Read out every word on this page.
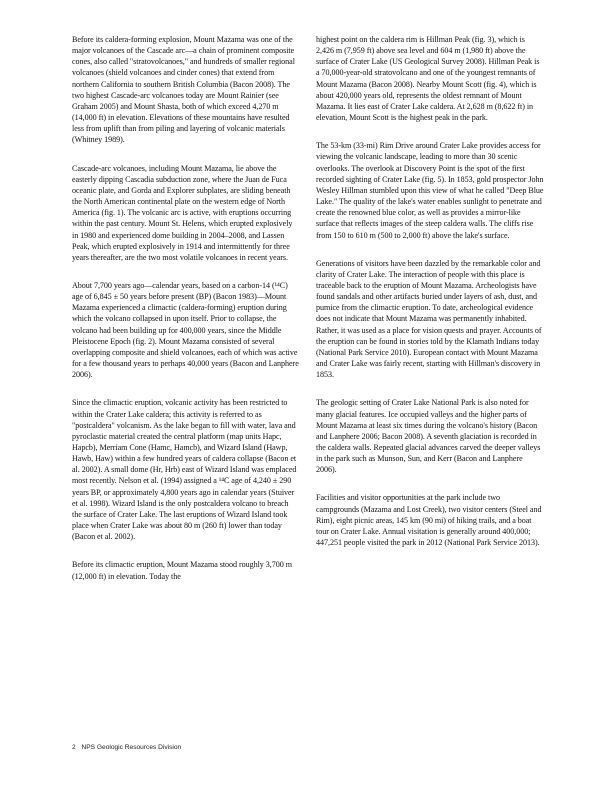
Before its caldera-forming explosion, Mount Mazama was one of the major volcanoes of the Cascade arc—a chain of prominent composite cones, also called "stratovolcanoes," and hundreds of smaller regional volcanoes (shield volcanoes and cinder cones) that extend from northern California to southern British Columbia (Bacon 2008). The two highest Cascade-arc volcanoes today are Mount Rainier (see Graham 2005) and Mount Shasta, both of which exceed 4,270 m (14,000 ft) in elevation. Elevations of these mountains have resulted less from uplift than from piling and layering of volcanic materials (Whitney 1989).

Cascade-arc volcanoes, including Mount Mazama, lie above the easterly dipping Cascadia subduction zone, where the Juan de Fuca oceanic plate, and Gorda and Explorer subplates, are sliding beneath the North American continental plate on the western edge of North America (fig. 1). The volcanic arc is active, with eruptions occurring within the past century. Mount St. Helens, which erupted explosively in 1980 and experienced dome building in 2004–2008, and Lassen Peak, which erupted explosively in 1914 and intermittently for three years thereafter, are the two most volatile volcanoes in recent years.

About 7,700 years ago—calendar years, based on a carbon-14 (¹⁴C) age of 6,845 ± 50 years before present (BP) (Bacon 1983)—Mount Mazama experienced a climactic (caldera-forming) eruption during which the volcano collapsed in upon itself. Prior to collapse, the volcano had been building up for 400,000 years, since the Middle Pleistocene Epoch (fig. 2). Mount Mazama consisted of several overlapping composite and shield volcanoes, each of which was active for a few thousand years to perhaps 40,000 years (Bacon and Lanphere 2006).

Since the climactic eruption, volcanic activity has been restricted to within the Crater Lake caldera; this activity is referred to as "postcaldera" volcanism. As the lake began to fill with water, lava and pyroclastic material created the central platform (map units Hapc, Hapcb), Merriam Cone (Hamc, Hamcb), and Wizard Island (Hawp, Hawb, Haw) within a few hundred years of caldera collapse (Bacon et al. 2002). A small dome (Hr, Hrb) east of Wizard Island was emplaced most recently. Nelson et al. (1994) assigned a ¹⁴C age of 4,240 ± 290 years BP, or approximately 4,800 years ago in calendar years (Stuiver et al. 1998). Wizard Island is the only postcaldera volcano to breach the surface of Crater Lake. The last eruptions of Wizard Island took place when Crater Lake was about 80 m (260 ft) lower than today (Bacon et al. 2002).

Before its climactic eruption, Mount Mazama stood roughly 3,700 m (12,000 ft) in elevation. Today the

highest point on the caldera rim is Hillman Peak (fig. 3), which is 2,426 m (7,959 ft) above sea level and 604 m (1,980 ft) above the surface of Crater Lake (US Geological Survey 2008). Hillman Peak is a 70,000-year-old stratovolcano and one of the youngest remnants of Mount Mazama (Bacon 2008). Nearby Mount Scott (fig. 4), which is about 420,000 years old, represents the oldest remnant of Mount Mazama. It lies east of Crater Lake caldera. At 2,628 m (8,622 ft) in elevation, Mount Scott is the highest peak in the park.

The 53-km (33-mi) Rim Drive around Crater Lake provides access for viewing the volcanic landscape, leading to more than 30 scenic overlooks. The overlook at Discovery Point is the spot of the first recorded sighting of Crater Lake (fig. 5). In 1853, gold prospector John Wesley Hillman stumbled upon this view of what he called "Deep Blue Lake." The quality of the lake's water enables sunlight to penetrate and create the renowned blue color, as well as provides a mirror-like surface that reflects images of the steep caldera walls. The cliffs rise from 150 to 610 m (500 to 2,000 ft) above the lake's surface.

Generations of visitors have been dazzled by the remarkable color and clarity of Crater Lake. The interaction of people with this place is traceable back to the eruption of Mount Mazama. Archeologists have found sandals and other artifacts buried under layers of ash, dust, and pumice from the climactic eruption. To date, archeological evidence does not indicate that Mount Mazama was permanently inhabited. Rather, it was used as a place for vision quests and prayer. Accounts of the eruption can be found in stories told by the Klamath Indians today (National Park Service 2010). European contact with Mount Mazama and Crater Lake was fairly recent, starting with Hillman's discovery in 1853.

The geologic setting of Crater Lake National Park is also noted for many glacial features. Ice occupied valleys and the higher parts of Mount Mazama at least six times during the volcano's history (Bacon and Lanphere 2006; Bacon 2008). A seventh glaciation is recorded in the caldera walls. Repeated glacial advances carved the deeper valleys in the park such as Munson, Sun, and Kerr (Bacon and Lanphere 2006).

Facilities and visitor opportunities at the park include two campgrounds (Mazama and Lost Creek), two visitor centers (Steel and Rim), eight picnic areas, 145 km (90 mi) of hiking trails, and a boat tour on Crater Lake. Annual visitation is generally around 400,000; 447,251 people visited the park in 2012 (National Park Service 2013).

2 NPS Geologic Resources Division
